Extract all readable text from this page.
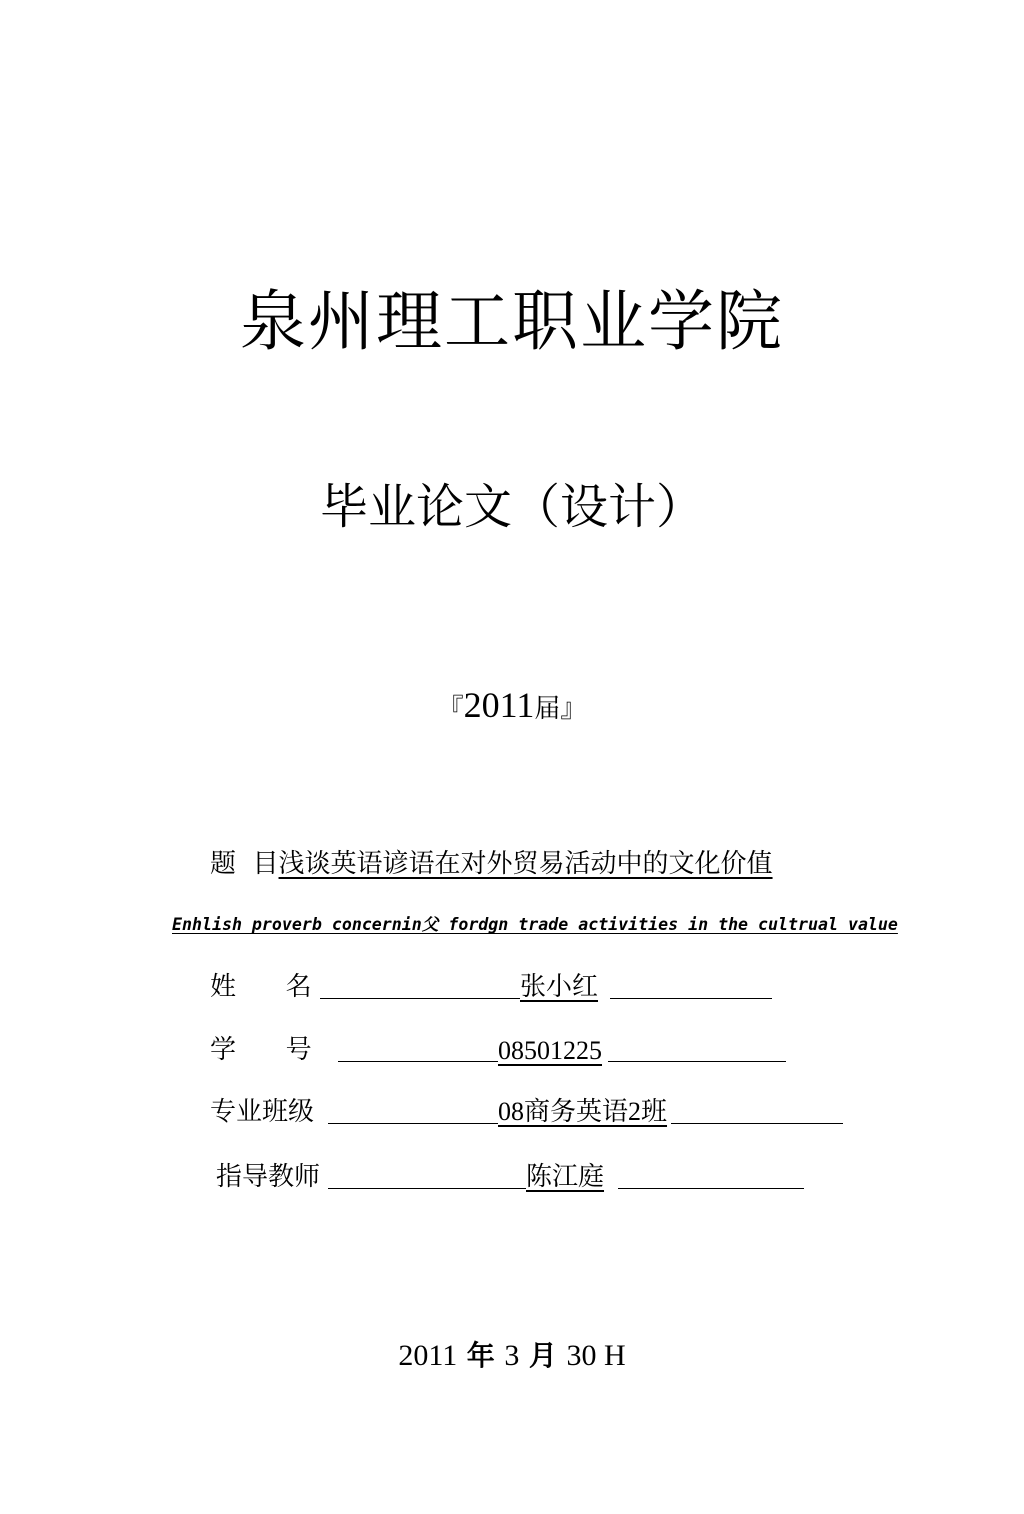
泉州理工职业学院
毕业论文（设计）
『2011届』
题  目浅谈英语谚语在对外贸易活动中的文化价值
Enhlish proverb concernin父 fordgn trade activities in the cultrual value
姓      名	张小红
学      号	08501225
专业班级	08商务英语2班
指导教师	陈江庭
2011 年 3 月 30 H
